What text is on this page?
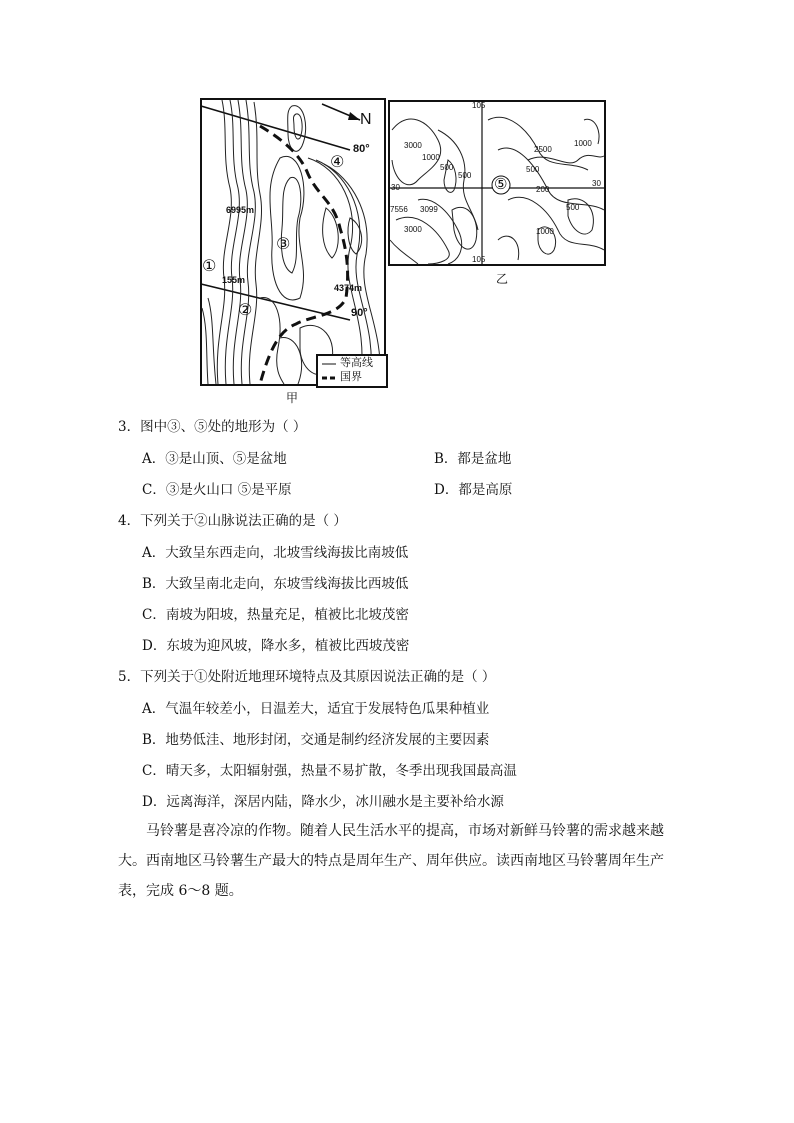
N
80°
90°
6995m
155m
4374m
①
②
③
④
等高线
国界
甲
105
105
30	30
⑤
3000
1000
500
500
7556 3099
3000
2500
1000
500
200
500
1000
乙
3．图中③、⑤处的地形为（ ）
A．③是山顶、⑤是盆地	B．都是盆地
C．③是火山口 ⑤是平原	D．都是高原
4．下列关于②山脉说法正确的是（ ）
A．大致呈东西走向，北坡雪线海拔比南坡低
B．大致呈南北走向，东坡雪线海拔比西坡低
C．南坡为阳坡，热量充足，植被比北坡茂密
D．东坡为迎风坡，降水多，植被比西坡茂密
5．下列关于①处附近地理环境特点及其原因说法正确的是（ ）
A．气温年较差小，日温差大，适宜于发展特色瓜果种植业
B．地势低洼、地形封闭，交通是制约经济发展的主要因素
C．晴天多，太阳辐射强，热量不易扩散，冬季出现我国最高温
D．远离海洋，深居内陆，降水少，冰川融水是主要补给水源
马铃薯是喜冷凉的作物。随着人民生活水平的提高，市场对新鲜马铃薯的需求越来越大。西南地区马铃薯生产最大的特点是周年生产、周年供应。读西南地区马铃薯周年生产表，完成 6～8 题。
